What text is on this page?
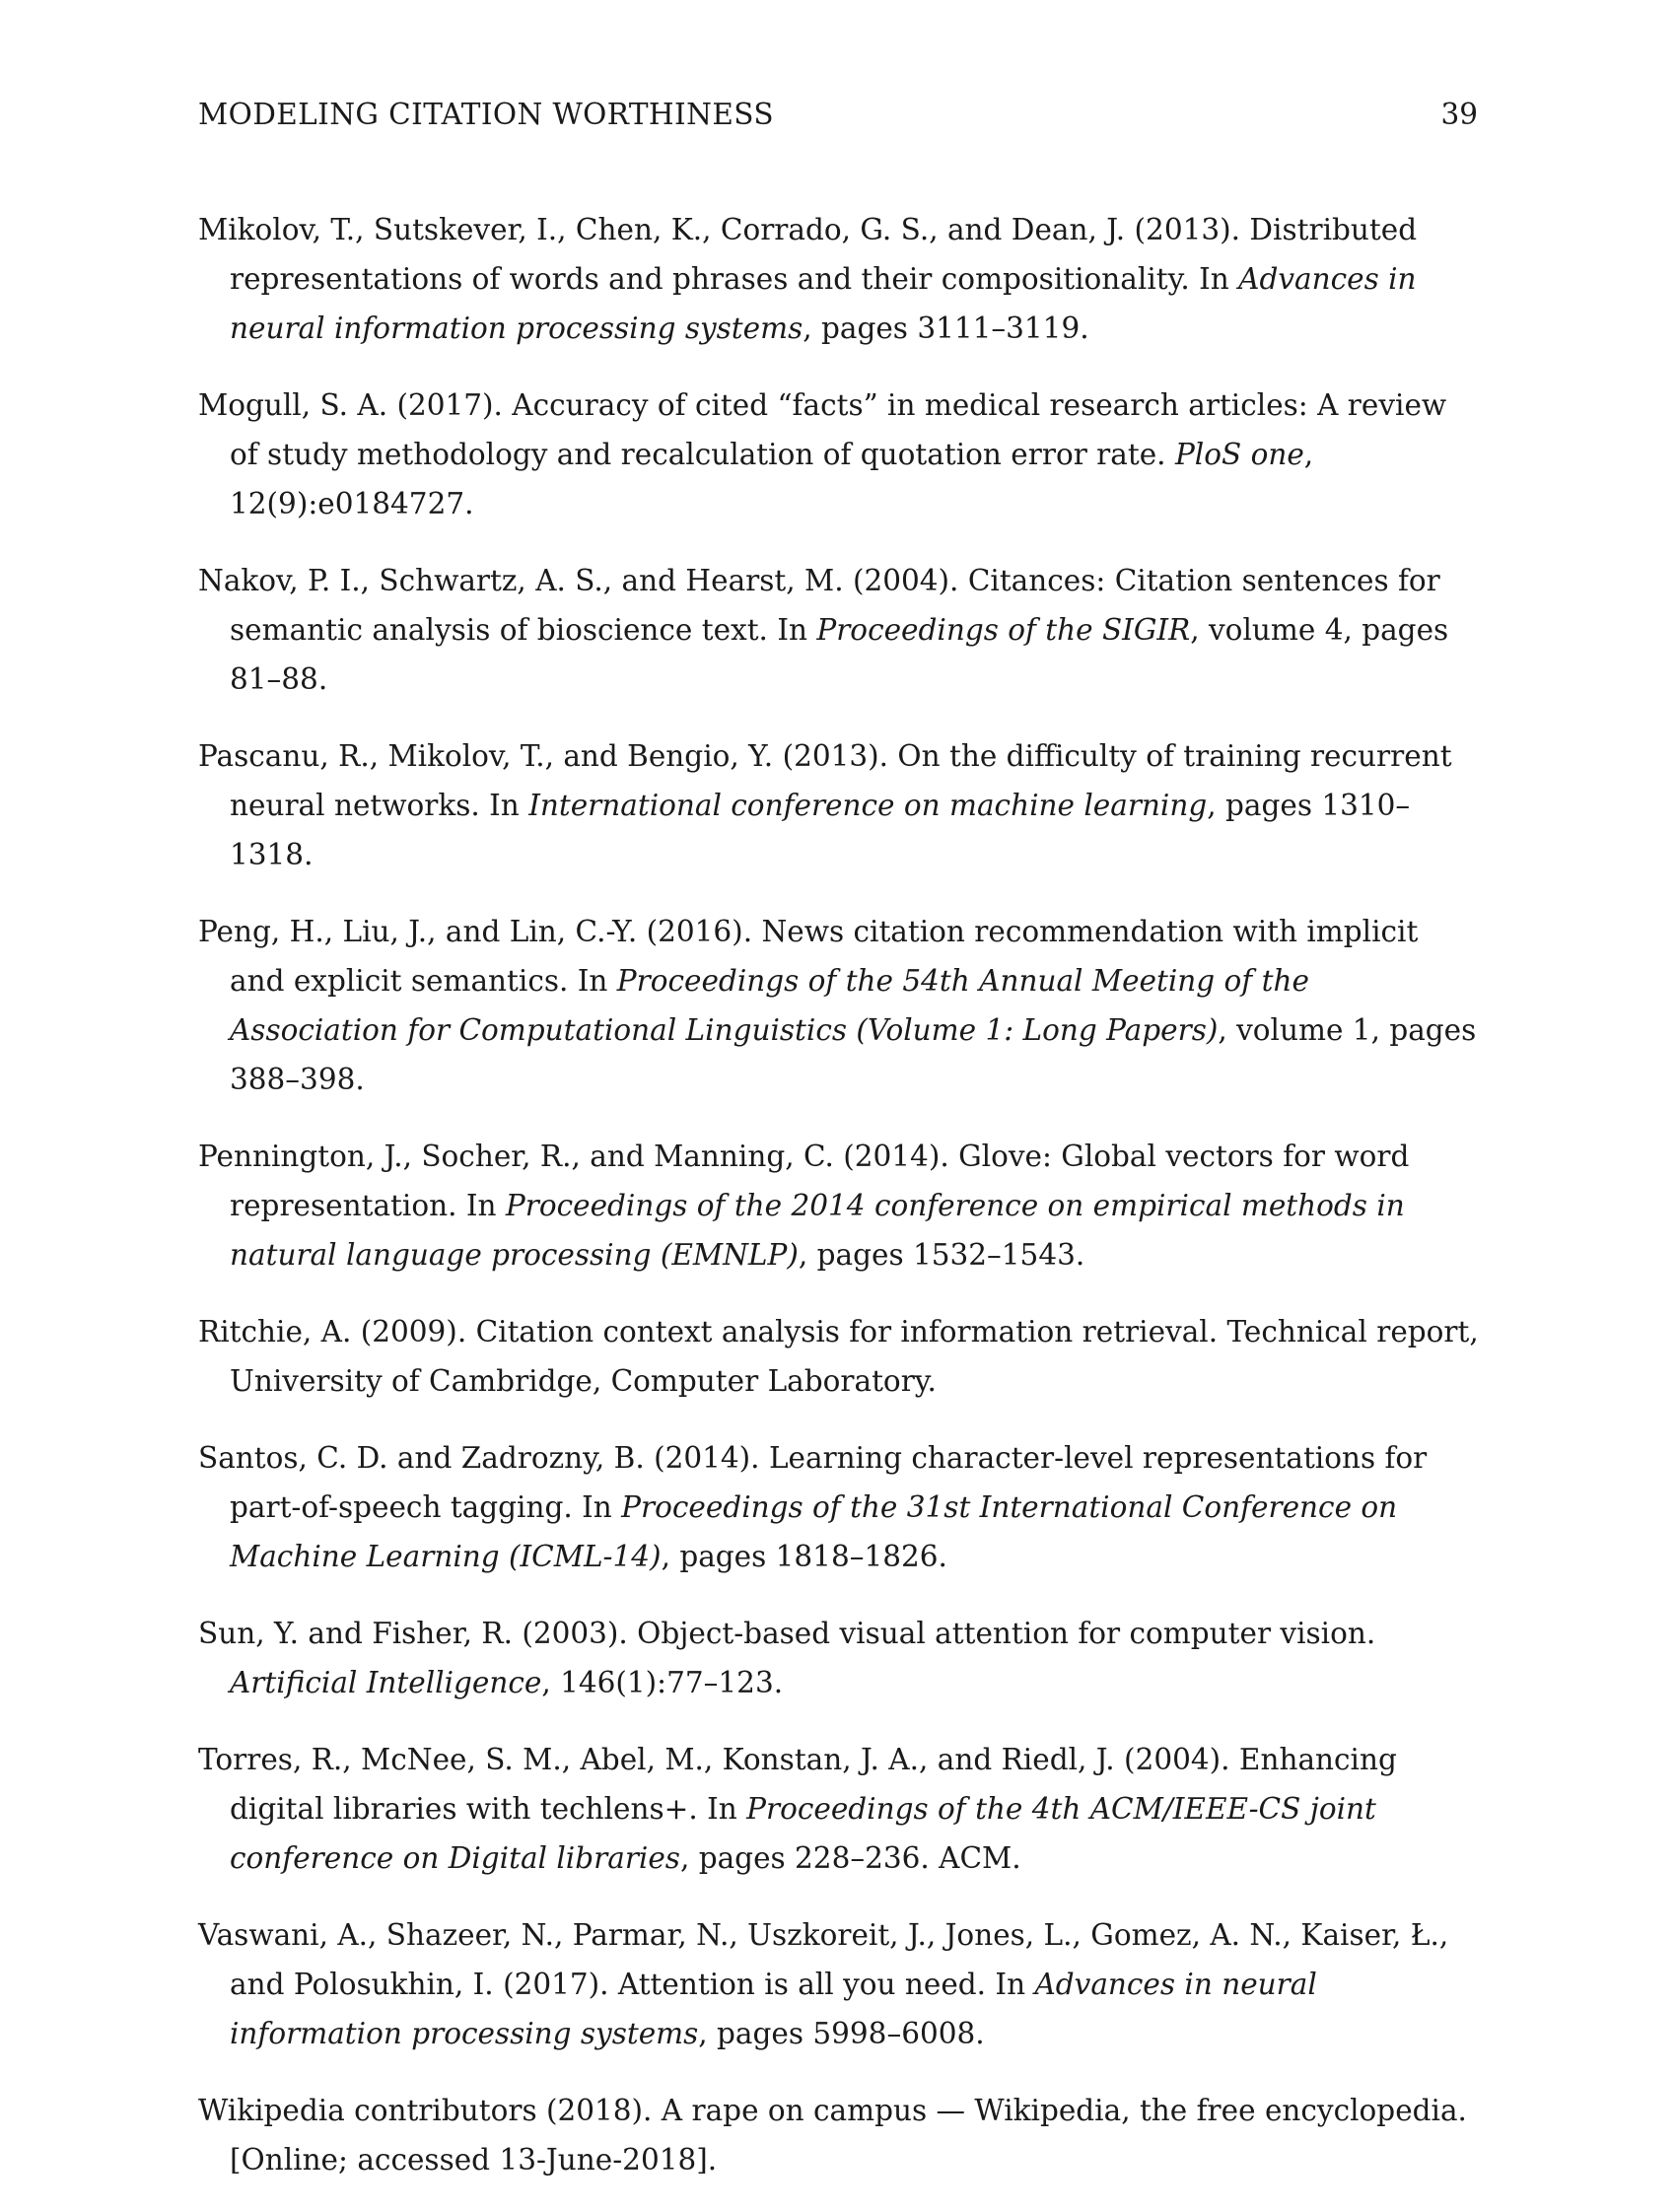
MODELING CITATION WORTHINESS	39

Mikolov, T., Sutskever, I., Chen, K., Corrado, G. S., and Dean, J. (2013). Distributed representations of words and phrases and their compositionality. In Advances in neural information processing systems, pages 3111–3119.

Mogull, S. A. (2017). Accuracy of cited “facts” in medical research articles: A review of study methodology and recalculation of quotation error rate. PloS one, 12(9):e0184727.

Nakov, P. I., Schwartz, A. S., and Hearst, M. (2004). Citances: Citation sentences for semantic analysis of bioscience text. In Proceedings of the SIGIR, volume 4, pages 81–88.

Pascanu, R., Mikolov, T., and Bengio, Y. (2013). On the difficulty of training recurrent neural networks. In International conference on machine learning, pages 1310–1318.

Peng, H., Liu, J., and Lin, C.-Y. (2016). News citation recommendation with implicit and explicit semantics. In Proceedings of the 54th Annual Meeting of the Association for Computational Linguistics (Volume 1: Long Papers), volume 1, pages 388–398.

Pennington, J., Socher, R., and Manning, C. (2014). Glove: Global vectors for word representation. In Proceedings of the 2014 conference on empirical methods in natural language processing (EMNLP), pages 1532–1543.

Ritchie, A. (2009). Citation context analysis for information retrieval. Technical report, University of Cambridge, Computer Laboratory.

Santos, C. D. and Zadrozny, B. (2014). Learning character-level representations for part-of-speech tagging. In Proceedings of the 31st International Conference on Machine Learning (ICML-14), pages 1818–1826.

Sun, Y. and Fisher, R. (2003). Object-based visual attention for computer vision. Artificial Intelligence, 146(1):77–123.

Torres, R., McNee, S. M., Abel, M., Konstan, J. A., and Riedl, J. (2004). Enhancing digital libraries with techlens+. In Proceedings of the 4th ACM/IEEE-CS joint conference on Digital libraries, pages 228–236. ACM.

Vaswani, A., Shazeer, N., Parmar, N., Uszkoreit, J., Jones, L., Gomez, A. N., Kaiser, Ł., and Polosukhin, I. (2017). Attention is all you need. In Advances in neural information processing systems, pages 5998–6008.

Wikipedia contributors (2018). A rape on campus — Wikipedia, the free encyclopedia. [Online; accessed 13-June-2018].
